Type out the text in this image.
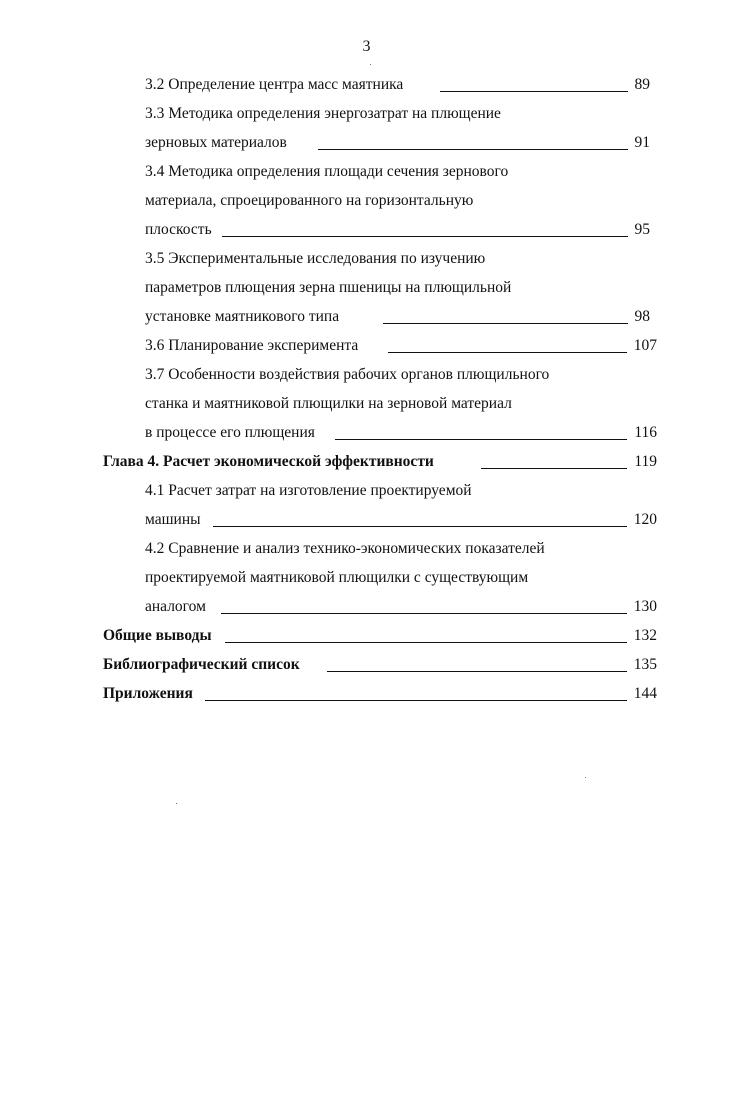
3
3.2 Определение центра масс маятника	89
3.3 Методика определения энергозатрат на плющение
зерновых материалов	91
3.4 Методика определения площади сечения зернового
материала, спроецированного на горизонтальную
плоскость	95
3.5 Экспериментальные исследования по изучению
параметров плющения зерна пшеницы на плющильной
установке маятникового типа	98
3.6 Планирование эксперимента	107
3.7 Особенности воздействия рабочих органов плющильного
станка и маятниковой плющилки на зерновой материал
в процессе его плющения	116
Глава 4. Расчет экономической эффективности	119
4.1 Расчет затрат на изготовление проектируемой
машины	120
4.2 Сравнение и анализ технико-экономических показателей
проектируемой маятниковой плющилки с существующим
аналогом	130
Общие выводы	132
Библиографический список	135
Приложения	144
